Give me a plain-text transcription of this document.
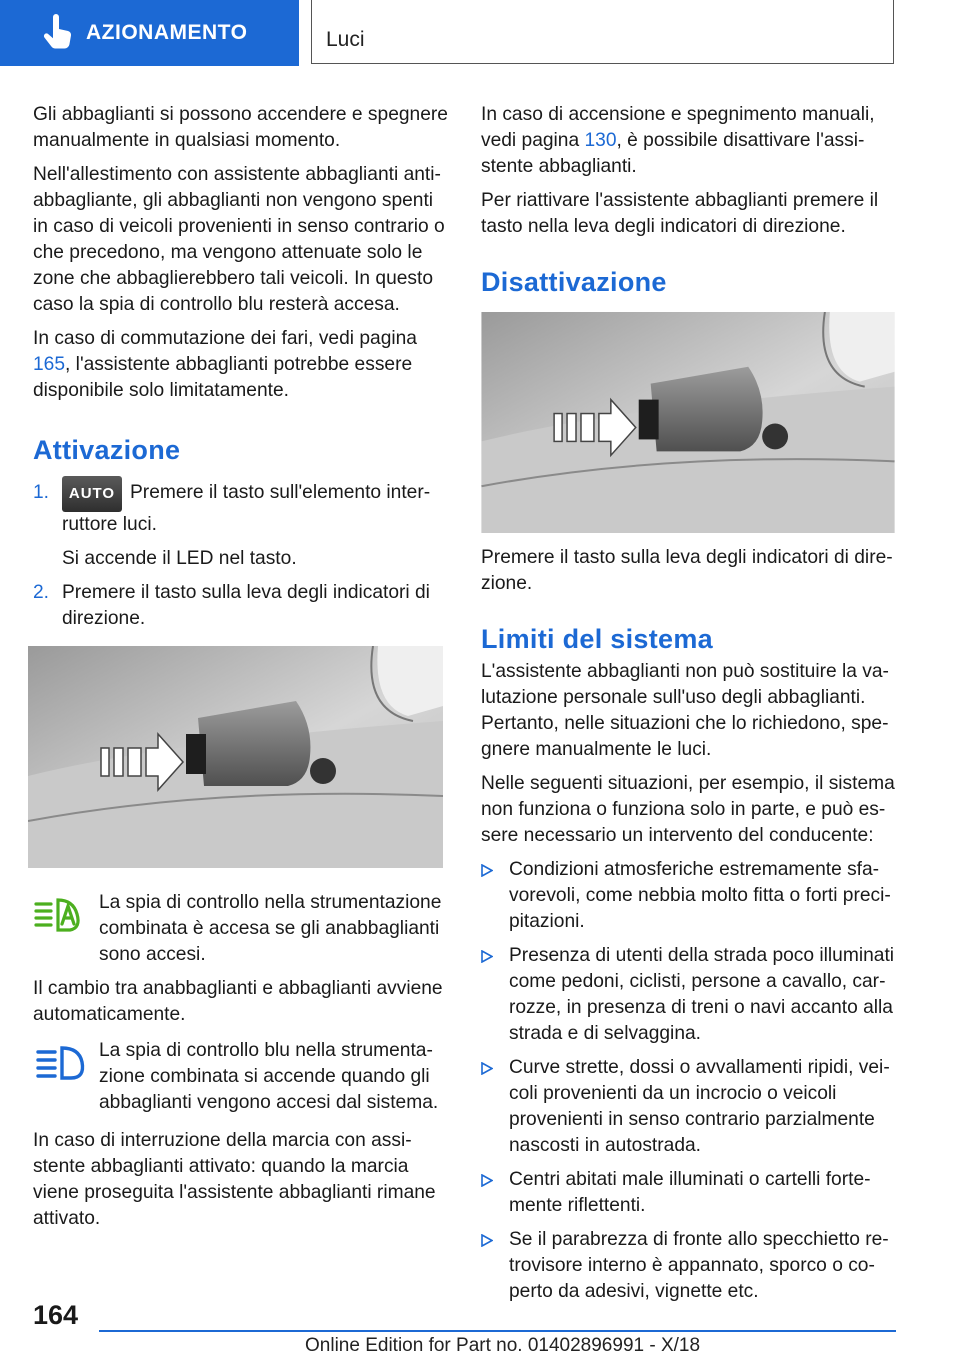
AZIONAMENTO	Luci

Gli abbaglianti si possono accendere e spegnere manualmente in qualsiasi momento.

Nell'allestimento con assistente abbaglianti antiabbagliante, gli abbaglianti non vengono spenti in caso di veicoli provenienti in senso contrario o che precedono, ma vengono attenuate solo le zone che abbaglierebbero tali veicoli. In questo caso la spia di controllo blu resterà accesa.

In caso di commutazione dei fari, vedi pagina 165, l'assistente abbaglianti potrebbe essere disponibile solo limitatamente.

Attivazione
1. AUTO Premere il tasto sull'elemento interruttore luci.
Si accende il LED nel tasto.
2. Premere il tasto sulla leva degli indicatori di direzione.
La spia di controllo nella strumentazione combinata è accesa se gli anabbaglianti sono accesi.

Il cambio tra anabbaglianti e abbaglianti avviene automaticamente.

La spia di controllo blu nella strumentazione combinata si accende quando gli abbaglianti vengono accesi dal sistema.

In caso di interruzione della marcia con assistente abbaglianti attivato: quando la marcia viene proseguita l'assistente abbaglianti rimane attivato.

In caso di accensione e spegnimento manuali, vedi pagina 130, è possibile disattivare l'assistente abbaglianti.

Per riattivare l'assistente abbaglianti premere il tasto nella leva degli indicatori di direzione.

Disattivazione

Premere il tasto sulla leva degli indicatori di direzione.

Limiti del sistema

L'assistente abbaglianti non può sostituire la valutazione personale sull'uso degli abbaglianti. Pertanto, nelle situazioni che lo richiedono, spegnere manualmente le luci.

Nelle seguenti situazioni, per esempio, il sistema non funziona o funziona solo in parte, e può essere necessario un intervento del conducente:

Condizioni atmosferiche estremamente sfavorevoli, come nebbia molto fitta o forti precipitazioni.
Presenza di utenti della strada poco illuminati come pedoni, ciclisti, persone a cavallo, carrozze, in presenza di treni o navi accanto alla strada e di selvaggina.
Curve strette, dossi o avvallamenti ripidi, veicoli provenienti da un incrocio o veicoli provenienti in senso contrario parzialmente nascosti in autostrada.
Centri abitati male illuminati o cartelli fortemente riflettenti.
Se il parabrezza di fronte allo specchietto retrovisore interno è appannato, sporco o coperto da adesivi, vignette etc.
164
Online Edition for Part no. 01402896991 - X/18
